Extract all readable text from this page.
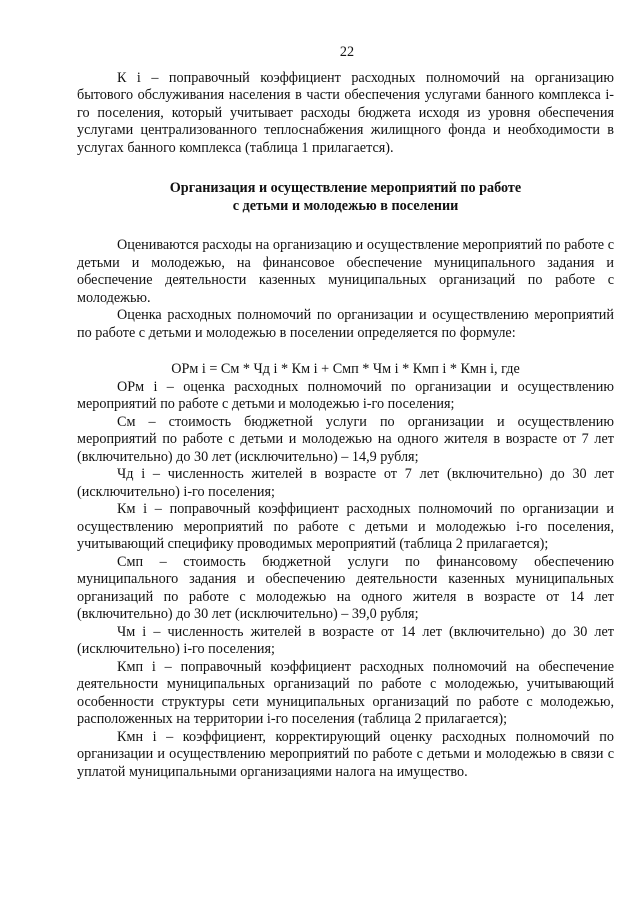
22

К i – поправочный коэффициент расходных полномочий на организацию бытового обслуживания населения в части обеспечения услугами банного комплекса i-го поселения, который учитывает расходы бюджета исходя из уровня обеспечения услугами централизованного теплоснабжения жилищного фонда и необходимости в услугах банного комплекса (таблица 1 прилагается).

Организация и осуществление мероприятий по работе
с детьми и молодежью в поселении

Оцениваются расходы на организацию и осуществление мероприятий по работе с детьми и молодежью, на финансовое обеспечение муниципального задания и обеспечение деятельности казенных муниципальных организаций по работе с молодежью.

Оценка расходных полномочий по организации и осуществлению мероприятий по работе с детьми и молодежью в поселении определяется по формуле:

ОРм i = См * Чд i * Км i + Смп * Чм i * Кмп i * Кмн i, где

ОРм i – оценка расходных полномочий по организации и осуществлению мероприятий по работе с детьми и молодежью i-го поселения;

См – стоимость бюджетной услуги по организации и осуществлению мероприятий по работе с детьми и молодежью на одного жителя в возрасте от 7 лет (включительно) до 30 лет (исключительно) – 14,9 рубля;

Чд i – численность жителей в возрасте от 7 лет (включительно) до 30 лет (исключительно) i-го поселения;

Км i – поправочный коэффициент расходных полномочий по организации и осуществлению мероприятий по работе с детьми и молодежью i-го поселения, учитывающий специфику проводимых мероприятий (таблица 2 прилагается);

Смп – стоимость бюджетной услуги по финансовому обеспечению муниципального задания и обеспечению деятельности казенных муниципальных организаций по работе с молодежью на одного жителя в возрасте от 14 лет (включительно) до 30 лет (исключительно) – 39,0 рубля;

Чм i – численность жителей в возрасте от 14 лет (включительно) до 30 лет (исключительно) i-го поселения;

Кмп i – поправочный коэффициент расходных полномочий на обеспечение деятельности муниципальных организаций по работе с молодежью, учитывающий особенности структуры сети муниципальных организаций по работе с молодежью, расположенных на территории i-го поселения (таблица 2 прилагается);

Кмн i – коэффициент, корректирующий оценку расходных полномочий по организации и осуществлению мероприятий по работе с детьми и молодежью в связи с уплатой муниципальными организациями налога на имущество.
